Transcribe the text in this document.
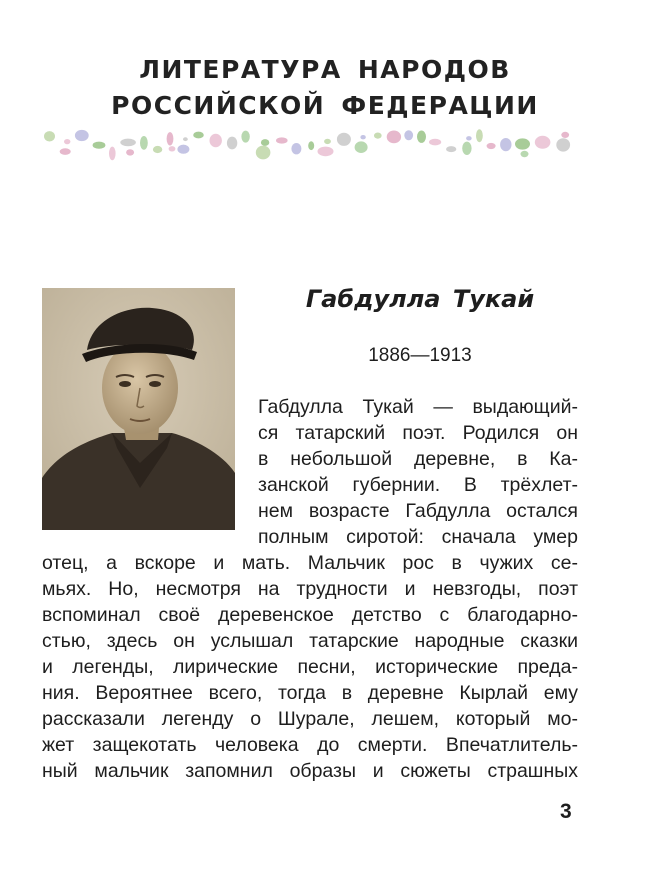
ЛИТЕРАТУРА НАРОДОВ
РОССИЙСКОЙ ФЕДЕРАЦИИ
Габдулла Тукай
1886—1913
Габдулла Тукай — выдающий-
ся татарский поэт. Родился он
в небольшой деревне, в Ка-
занской губернии. В трёхлет-
нем возрасте Габдулла остался
полным сиротой: сначала умер
отец, а вскоре и мать. Мальчик рос в чужих се-
мьях. Но, несмотря на трудности и невзгоды, поэт
вспоминал своё деревенское детство с благодарно-
стью, здесь он услышал татарские народные сказки
и легенды, лирические песни, исторические преда-
ния. Вероятнее всего, тогда в деревне Кырлай ему
рассказали легенду о Шурале, лешем, который мо-
жет защекотать человека до смерти. Впечатлитель-
ный мальчик запомнил образы и сюжеты страшных
3
